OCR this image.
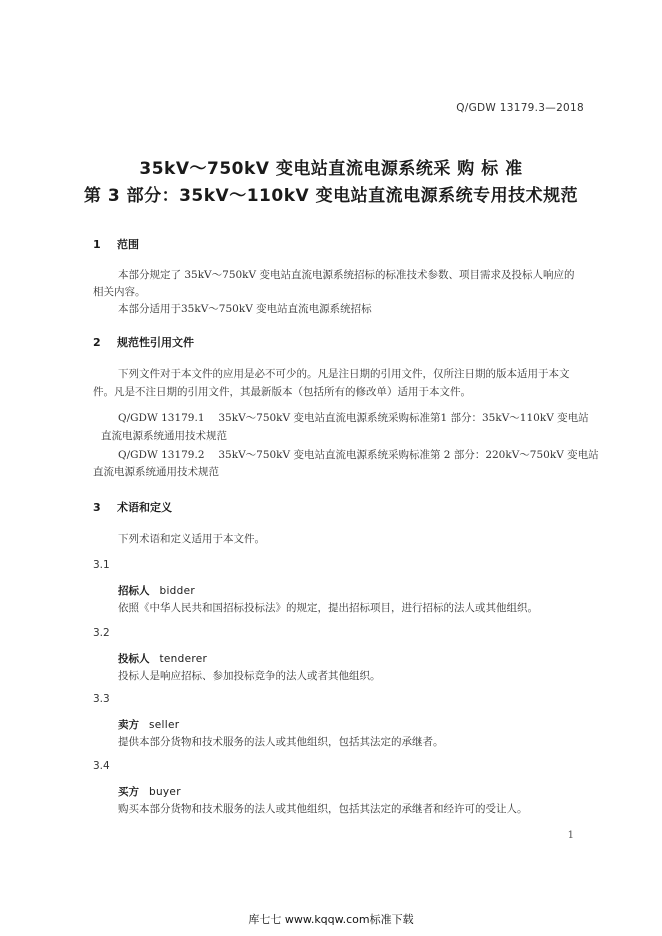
Q/GDW 13179.3—2018
35kV～750kV 变电站直流电源系统采 购 标 准
第 3 部分：35kV～110kV 变电站直流电源系统专用技术规范
1 范围
本部分规定了 35kV～750kV 变电站直流电源系统招标的标准技术参数、项目需求及投标人响应的
相关内容。
本部分适用于35kV～750kV 变电站直流电源系统招标
2 规范性引用文件
下列文件对于本文件的应用是必不可少的。凡是注日期的引用文件，仅所注日期的版本适用于本文
件。凡是不注日期的引用文件，其最新版本（包括所有的修改单）适用于本文件。
Q/GDW 13179.1　 35kV～750kV 变电站直流电源系统采购标准第1 部分：35kV～110kV 变电站
直流电源系统通用技术规范
Q/GDW 13179.2　 35kV～750kV 变电站直流电源系统采购标准第 2 部分：220kV～750kV 变电站
直流电源系统通用技术规范
3 术语和定义
下列术语和定义适用于本文件。
3.1
招标人 bidder
依照《中华人民共和国招标投标法》的规定，提出招标项目，进行招标的法人或其他组织。
3.2
投标人 tenderer
投标人是响应招标、参加投标竞争的法人或者其他组织。
3.3
卖方 seller
提供本部分货物和技术服务的法人或其他组织，包括其法定的承继者。
3.4
买方 buyer
购买本部分货物和技术服务的法人或其他组织，包括其法定的承继者和经许可的受让人。
1
库七七 www.kqqw.com标准下载
